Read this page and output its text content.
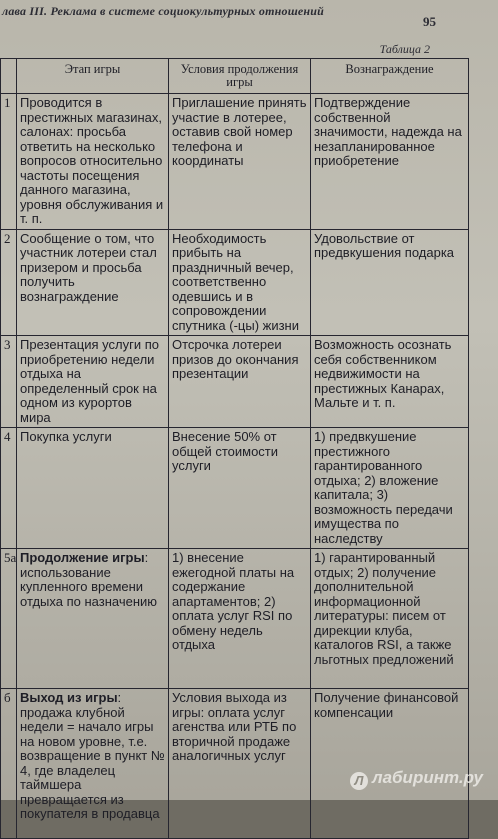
лава III. Реклама в системе социокультурных отношений
95
Таблица 2
	Этап игры	Условия продолжения игры	Вознаграждение
1	Проводится в престижных магазинах, салонах: просьба ответить на несколько вопросов относительно частоты посещения данного магазина, уровня обслуживания и т. п.	Приглашение принять участие в лотерее, оставив свой номер телефона и координаты	Подтверждение собственной значимости, надежда на незапланированное приобретение
2	Сообщение о том, что участник лотереи стал призером и просьба получить вознаграждение	Необходимость прибыть на праздничный вечер, соответственно одевшись и в сопровождении спутника (-цы) жизни	Удовольствие от предвкушения подарка
3	Презентация услуги по приобретению недели отдыха на определенный срок на одном из курортов мира	Отсрочка лотереи призов до окончания презентации	Возможность осознать себя собственником недвижимости на престижных Канарах, Мальте и т. п.
4	Покупка услуги	Внесение 50% от общей стоимости услуги	1) предвкушение престижного гарантированного отдыха; 2) вложение капитала; 3) возможность передачи имущества по наследству
5а	Продолжение игры: использование купленного времени отдыха по назначению	1) внесение ежегодной платы на содержание апартаментов; 2) оплата услуг RSI по обмену недель отдыха	1) гарантированный отдых; 2) получение дополнительной информационной литературы: писем от дирекции клуба, каталогов RSI, а также льготных предложений
б	Выход из игры: продажа клубной недели = начало игры на новом уровне, т.е. возвращение в пункт № 4, где владелец таймшера превращается из покупателя в продавца	Условия выхода из игры: оплата услуг агенства или РТБ по вторичной продаже аналогичных услуг	Получение финансовой компенсации
Л лабиринт.ру
